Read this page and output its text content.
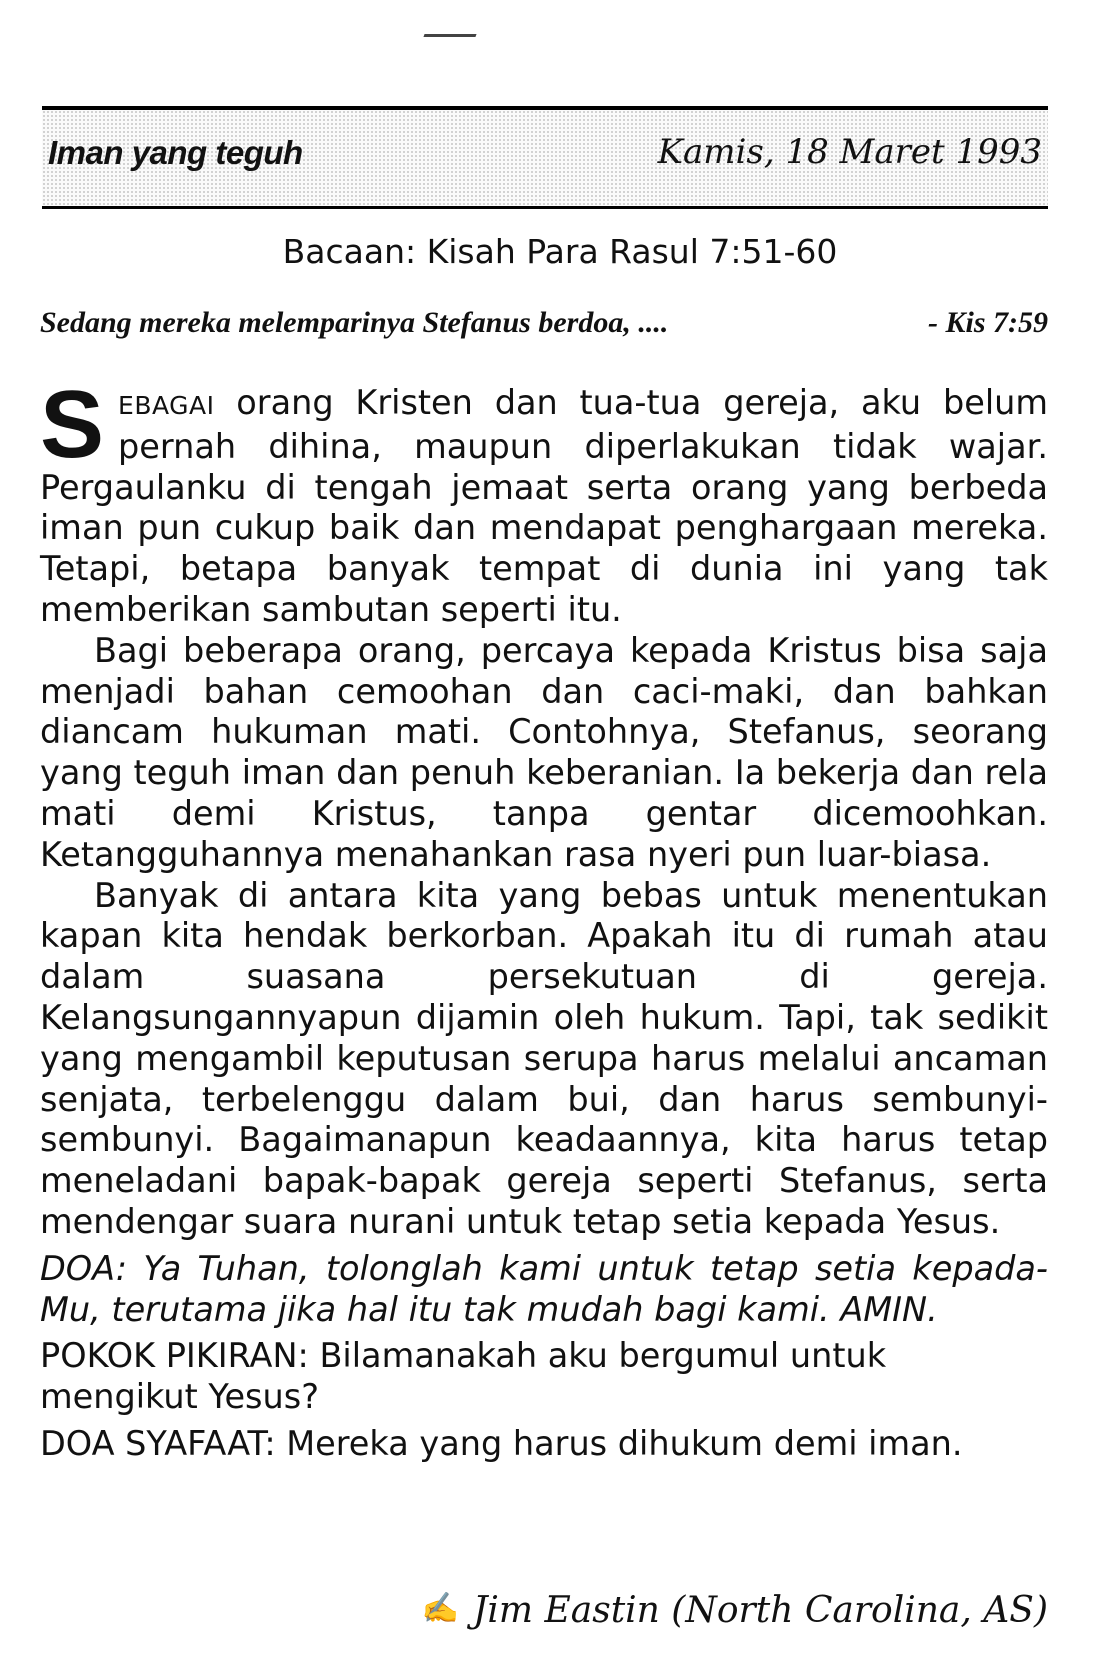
Iman yang teguh	Kamis, 18 Maret 1993
Bacaan: Kisah Para Rasul 7:51-60
Sedang mereka melemparinya Stefanus berdoa, ....	- Kis 7:59

SEBAGAI orang Kristen dan tua-tua gereja, aku belum pernah dihina, maupun diperlakukan tidak wajar. Pergaulanku di tengah jemaat serta orang yang berbeda iman pun cukup baik dan mendapat penghargaan mereka. Tetapi, betapa banyak tempat di dunia ini yang tak memberikan sambutan seperti itu.

Bagi beberapa orang, percaya kepada Kristus bisa saja menjadi bahan cemoohan dan caci-maki, dan bahkan diancam hukuman mati. Contohnya, Stefanus, seorang yang teguh iman dan penuh keberanian. Ia bekerja dan rela mati demi Kristus, tanpa gentar dicemoohkan. Ketangguhannya menahankan rasa nyeri pun luar-biasa.

Banyak di antara kita yang bebas untuk menentukan kapan kita hendak berkorban. Apakah itu di rumah atau dalam suasana persekutuan di gereja. Kelangsungannyapun dijamin oleh hukum. Tapi, tak sedikit yang mengambil keputusan serupa harus melalui ancaman senjata, terbelenggu dalam bui, dan harus sembunyi-sembunyi. Bagaimanapun keadaannya, kita harus tetap meneladani bapak-bapak gereja seperti Stefanus, serta mendengar suara nurani untuk tetap setia kepada Yesus.

DOA: Ya Tuhan, tolonglah kami untuk tetap setia kepada-Mu, terutama jika hal itu tak mudah bagi kami. AMIN.

POKOK PIKIRAN: Bilamanakah aku bergumul untuk mengikut Yesus?

DOA SYAFAAT: Mereka yang harus dihukum demi iman.

✍ Jim Eastin (North Carolina, AS)
